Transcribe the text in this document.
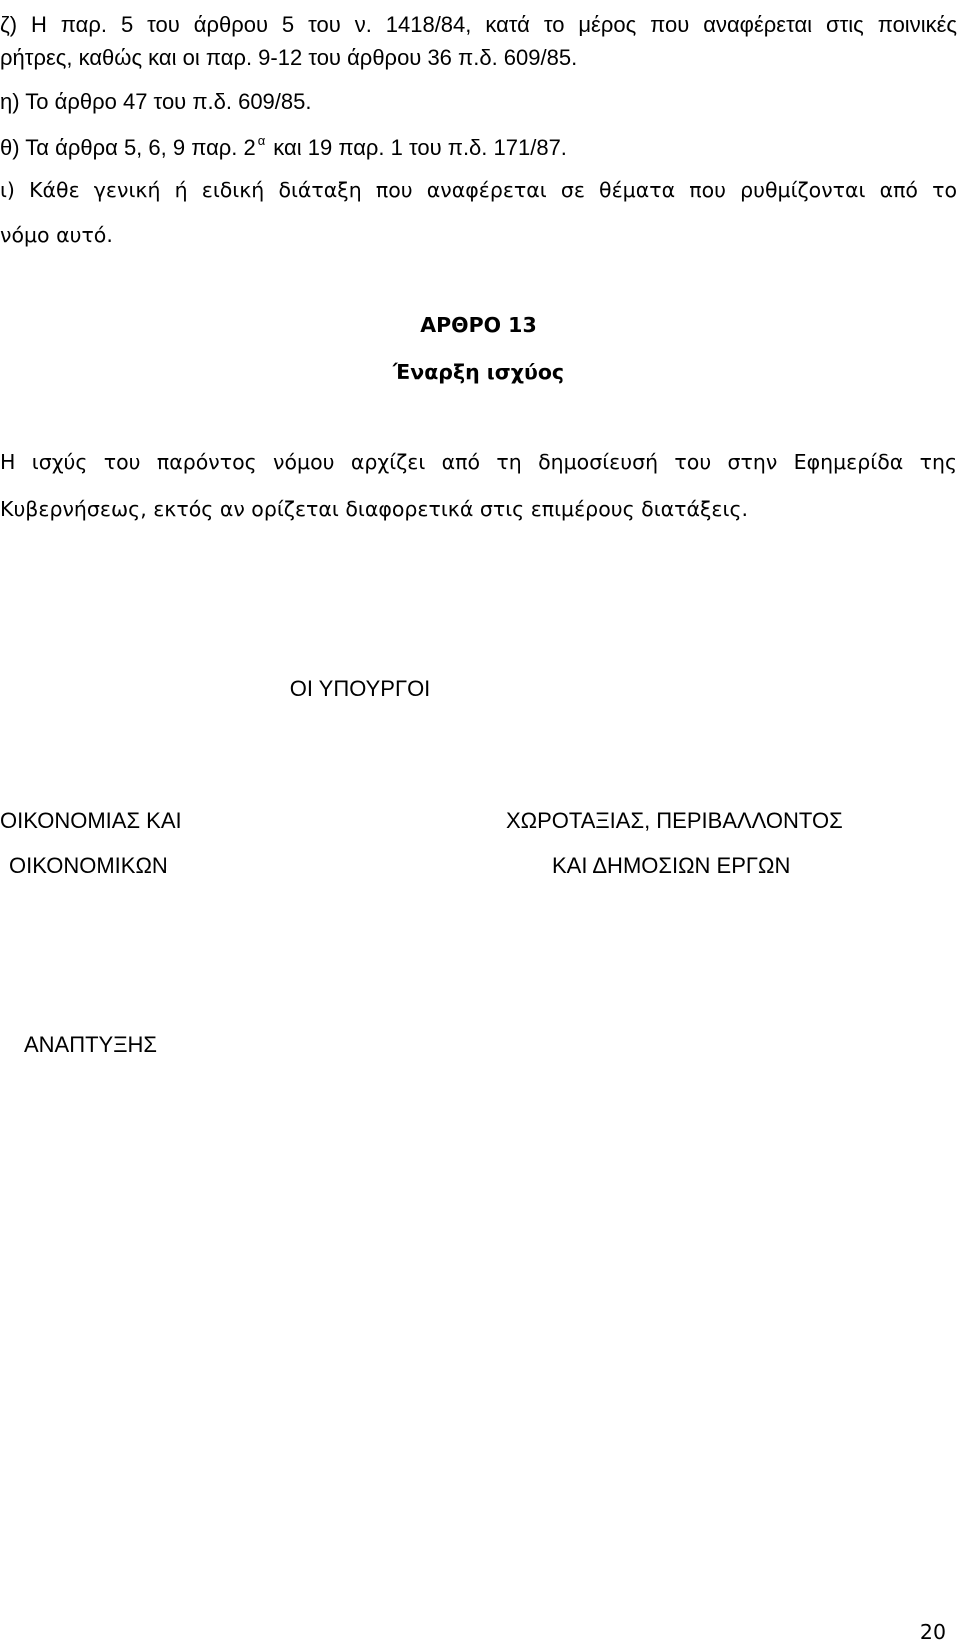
ζ) Η παρ. 5 του άρθρου 5 του ν. 1418/84, κατά το μέρος που αναφέρεται στις ποινικές
ρήτρες, καθώς και οι παρ. 9-12 του άρθρου 36 π.δ. 609/85.
η) Το άρθρο 47 του π.δ. 609/85.
θ) Τα άρθρα 5, 6, 9 παρ. 2 $^\alpha$ και 19 παρ. 1 του π.δ. 171/87.
ι) Κάθε γενική ή ειδική διάταξη που αναφέρεται σε θέματα που ρυθμίζονται από το
νόμο αυτό.
ΑΡΘΡΟ 13
Έναρξη ισχύος
Η ισχύς του παρόντος νόμου αρχίζει από τη δημοσίευσή του στην Εφημερίδα της
Κυβερνήσεως, εκτός αν ορίζεται διαφορετικά στις επιμέρους διατάξεις.
ΟΙ ΥΠΟΥΡΓΟΙ
ΟΙΚΟΝΟΜΙΑΣ ΚΑΙ
ΟΙΚΟΝΟΜΙΚΩΝ
ΧΩΡΟΤΑΞΙΑΣ, ΠΕΡΙΒΑΛΛΟΝΤΟΣ
ΚΑΙ ΔΗΜΟΣΙΩΝ ΕΡΓΩΝ
ΑΝΑΠΤΥΞΗΣ
20
